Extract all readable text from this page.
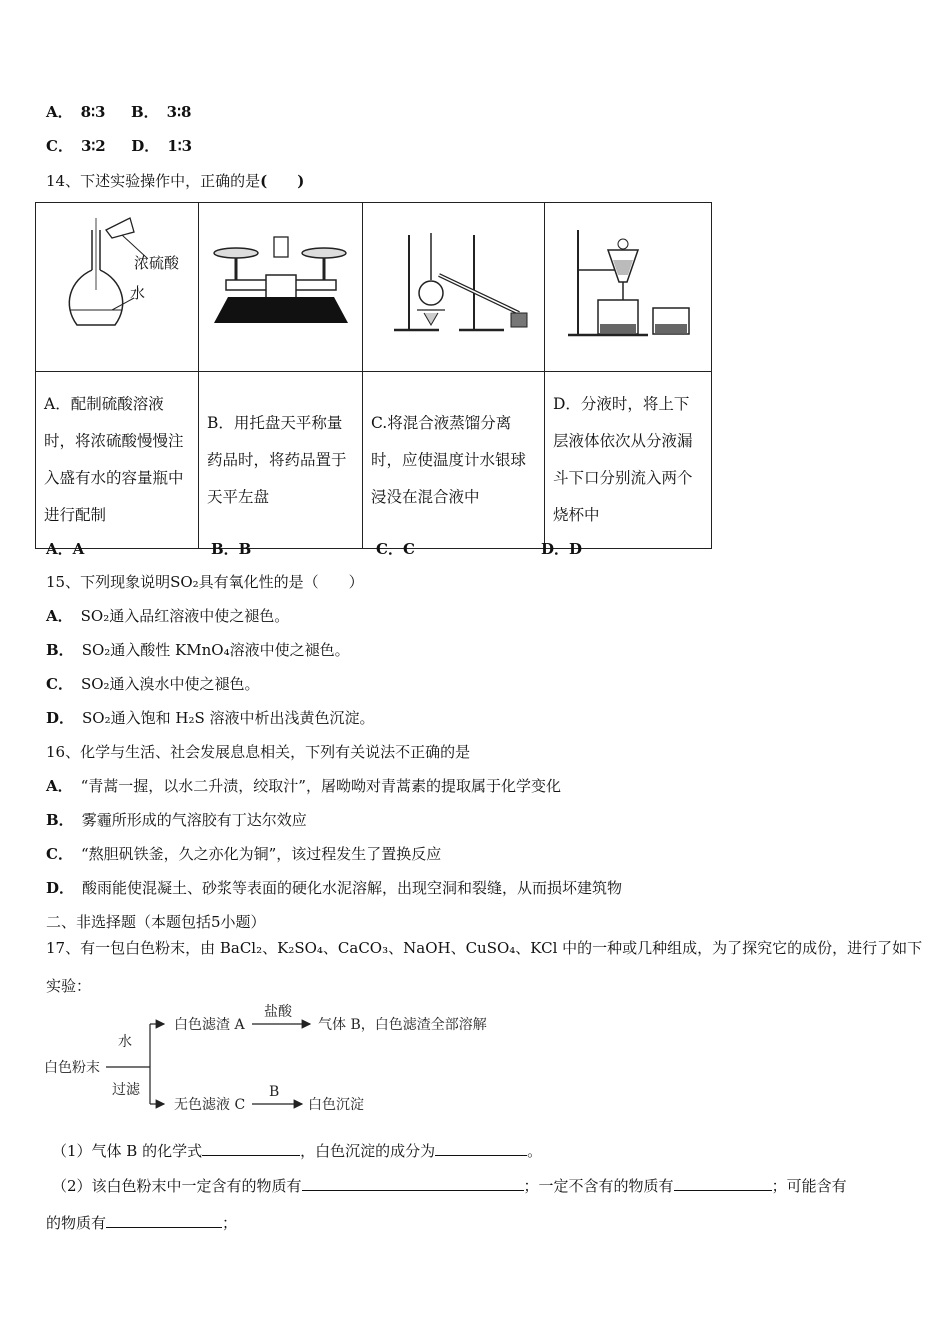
A． 8∶3 B． 3∶8
C． 3∶2 D． 1∶3
14、下述实验操作中，正确的是(　　)
浓硫酸
水

A．配制硫酸溶液时，将浓硫酸慢慢注入盛有水的容量瓶中进行配制	B．用托盘天平称量药品时，将药品置于天平左盘	C.将混合液蒸馏分离时，应使温度计水银球浸没在混合液中	D．分液时，将上下层液体依次从分液漏斗下口分别流入两个烧杯中
A．A	B．B	C．C	D．D
15、下列现象说明SO₂具有氧化性的是（　　）
A． SO₂通入品红溶液中使之褪色。
B． SO₂通入酸性 KMnO₄溶液中使之褪色。
C． SO₂通入溴水中使之褪色。
D． SO₂通入饱和 H₂S 溶液中析出浅黄色沉淀。
16、化学与生活、社会发展息息相关，下列有关说法不正确的是
A． “青蒿一握，以水二升渍，绞取汁”，屠呦呦对青蒿素的提取属于化学变化
B． 雾霾所形成的气溶胶有丁达尔效应
C． “熬胆矾铁釜，久之亦化为铜”，该过程发生了置换反应
D． 酸雨能使混凝土、砂浆等表面的硬化水泥溶解，出现空洞和裂缝，从而损坏建筑物
二、非选择题（本题包括5小题）
17、有一包白色粉末，由 BaCl₂、K₂SO₄、CaCO₃、NaOH、CuSO₄、KCl 中的一种或几种组成，为了探究它的成份，进行了如下
实验：
白色粉末
水
过滤
白色滤渣 A
盐酸
气体 B，白色滤渣全部溶解
无色滤液 C
B
白色沉淀
（1）气体 B 的化学式	，白色沉淀的成分为	。
（2）该白色粉末中一定含有的物质有	；一定不含有的物质有	；可能含有
的物质有	；
